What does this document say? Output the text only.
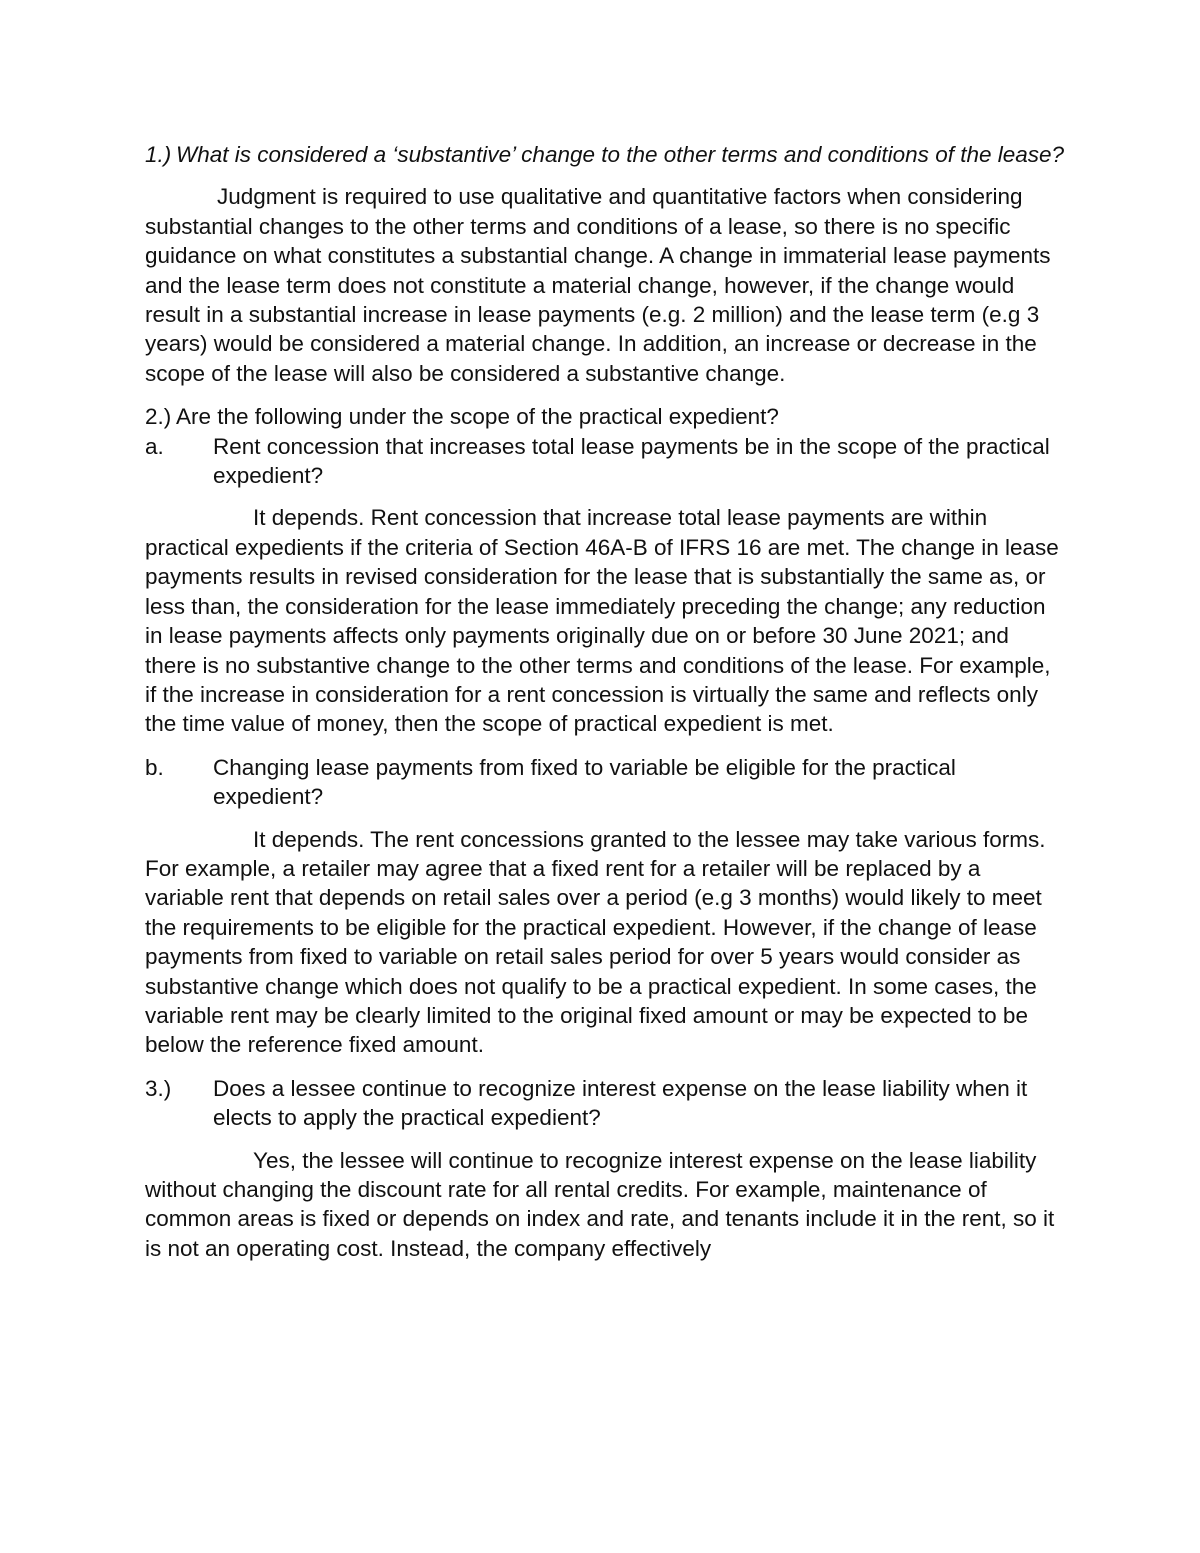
1.) What is considered a ‘substantive’ change to the other terms and conditions of the lease?

Judgment is required to use qualitative and quantitative factors when considering substantial changes to the other terms and conditions of a lease, so there is no specific guidance on what constitutes a substantial change. A change in immaterial lease payments and the lease term does not constitute a material change, however, if the change would result in a substantial increase in lease payments (e.g. 2 million) and the lease term (e.g 3 years) would be considered a material change. In addition, an increase or decrease in the scope of the lease will also be considered a substantive change.

2.) Are the following under the scope of the practical expedient?

a. Rent concession that increases total lease payments be in the scope of the practical expedient?

It depends. Rent concession that increase total lease payments are within practical expedients if the criteria of Section 46A-B of IFRS 16 are met. The change in lease payments results in revised consideration for the lease that is substantially the same as, or less than, the consideration for the lease immediately preceding the change; any reduction in lease payments affects only payments originally due on or before 30 June 2021; and there is no substantive change to the other terms and conditions of the lease. For example, if the increase in consideration for a rent concession is virtually the same and reflects only the time value of money, then the scope of practical expedient is met.

b. Changing lease payments from fixed to variable be eligible for the practical expedient?

It depends. The rent concessions granted to the lessee may take various forms. For example, a retailer may agree that a fixed rent for a retailer will be replaced by a variable rent that depends on retail sales over a period (e.g 3 months) would likely to meet the requirements to be eligible for the practical expedient. However, if the change of lease payments from fixed to variable on retail sales period for over 5 years would consider as substantive change which does not qualify to be a practical expedient. In some cases, the variable rent may be clearly limited to the original fixed amount or may be expected to be below the reference fixed amount.

3.) Does a lessee continue to recognize interest expense on the lease liability when it elects to apply the practical expedient?

Yes, the lessee will continue to recognize interest expense on the lease liability without changing the discount rate for all rental credits. For example, maintenance of common areas is fixed or depends on index and rate, and tenants include it in the rent, so it is not an operating cost. Instead, the company effectively
